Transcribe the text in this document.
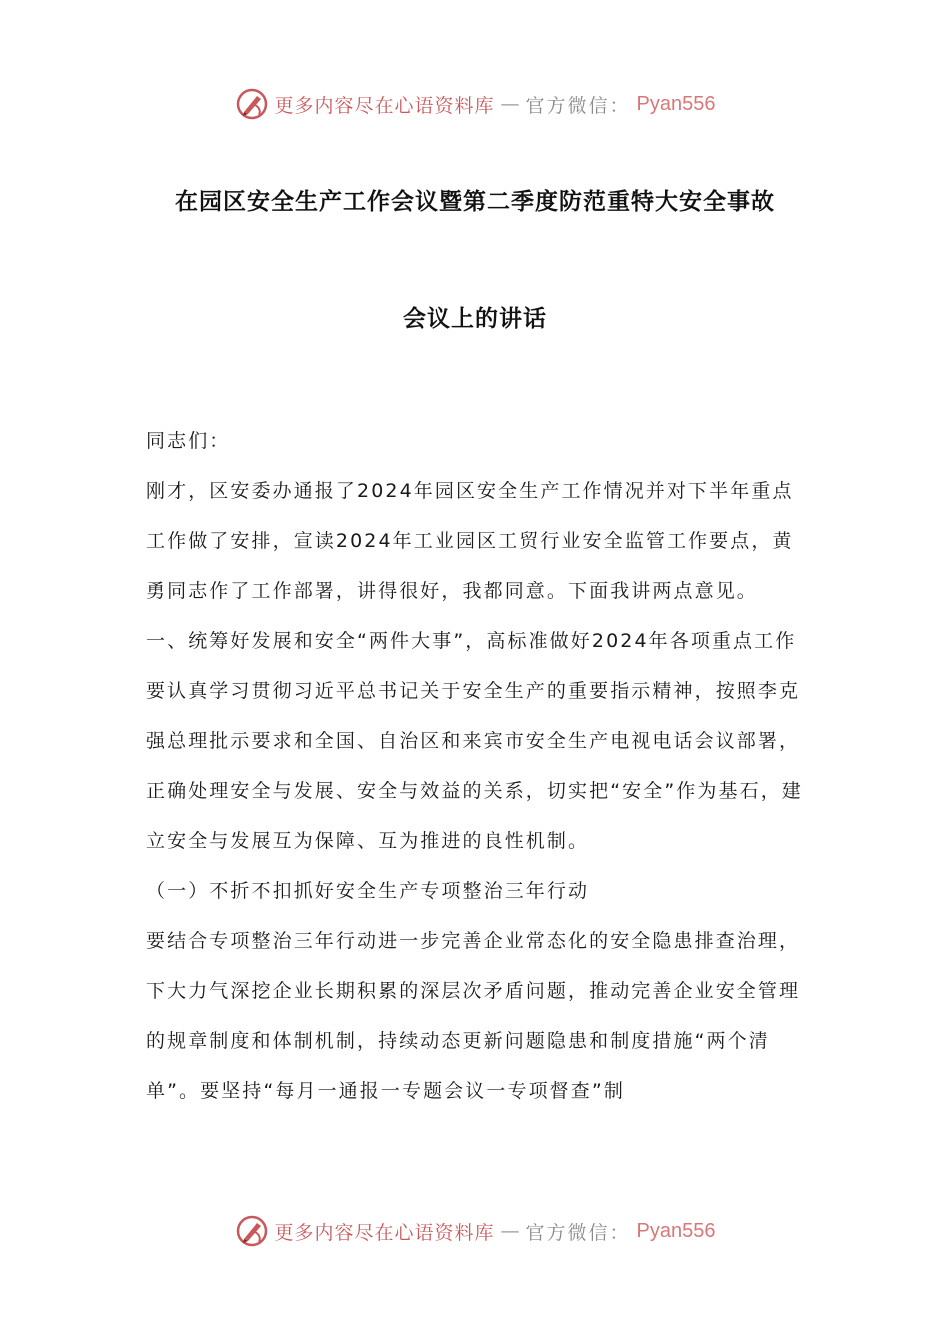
更多内容尽在心语资料库 — 官方微信： Pyan556
在园区安全生产工作会议暨第二季度防范重特大安全事故
会议上的讲话

同志们：

刚才，区安委办通报了2024年园区安全生产工作情况并对下半年重点工作做了安排，宣读2024年工业园区工贸行业安全监管工作要点，黄勇同志作了工作部署，讲得很好，我都同意。下面我讲两点意见。

一、统筹好发展和安全“两件大事”，高标准做好2024年各项重点工作

要认真学习贯彻习近平总书记关于安全生产的重要指示精神，按照李克强总理批示要求和全国、自治区和来宾市安全生产电视电话会议部署，正确处理安全与发展、安全与效益的关系，切实把“安全”作为基石，建立安全与发展互为保障、互为推进的良性机制。

（一）不折不扣抓好安全生产专项整治三年行动

要结合专项整治三年行动进一步完善企业常态化的安全隐患排查治理，下大力气深挖企业长期积累的深层次矛盾问题，推动完善企业安全管理的规章制度和体制机制，持续动态更新问题隐患和制度措施“两个清单”。要坚持“每月一通报一专题会议一专项督查”制

更多内容尽在心语资料库 — 官方微信： Pyan556
